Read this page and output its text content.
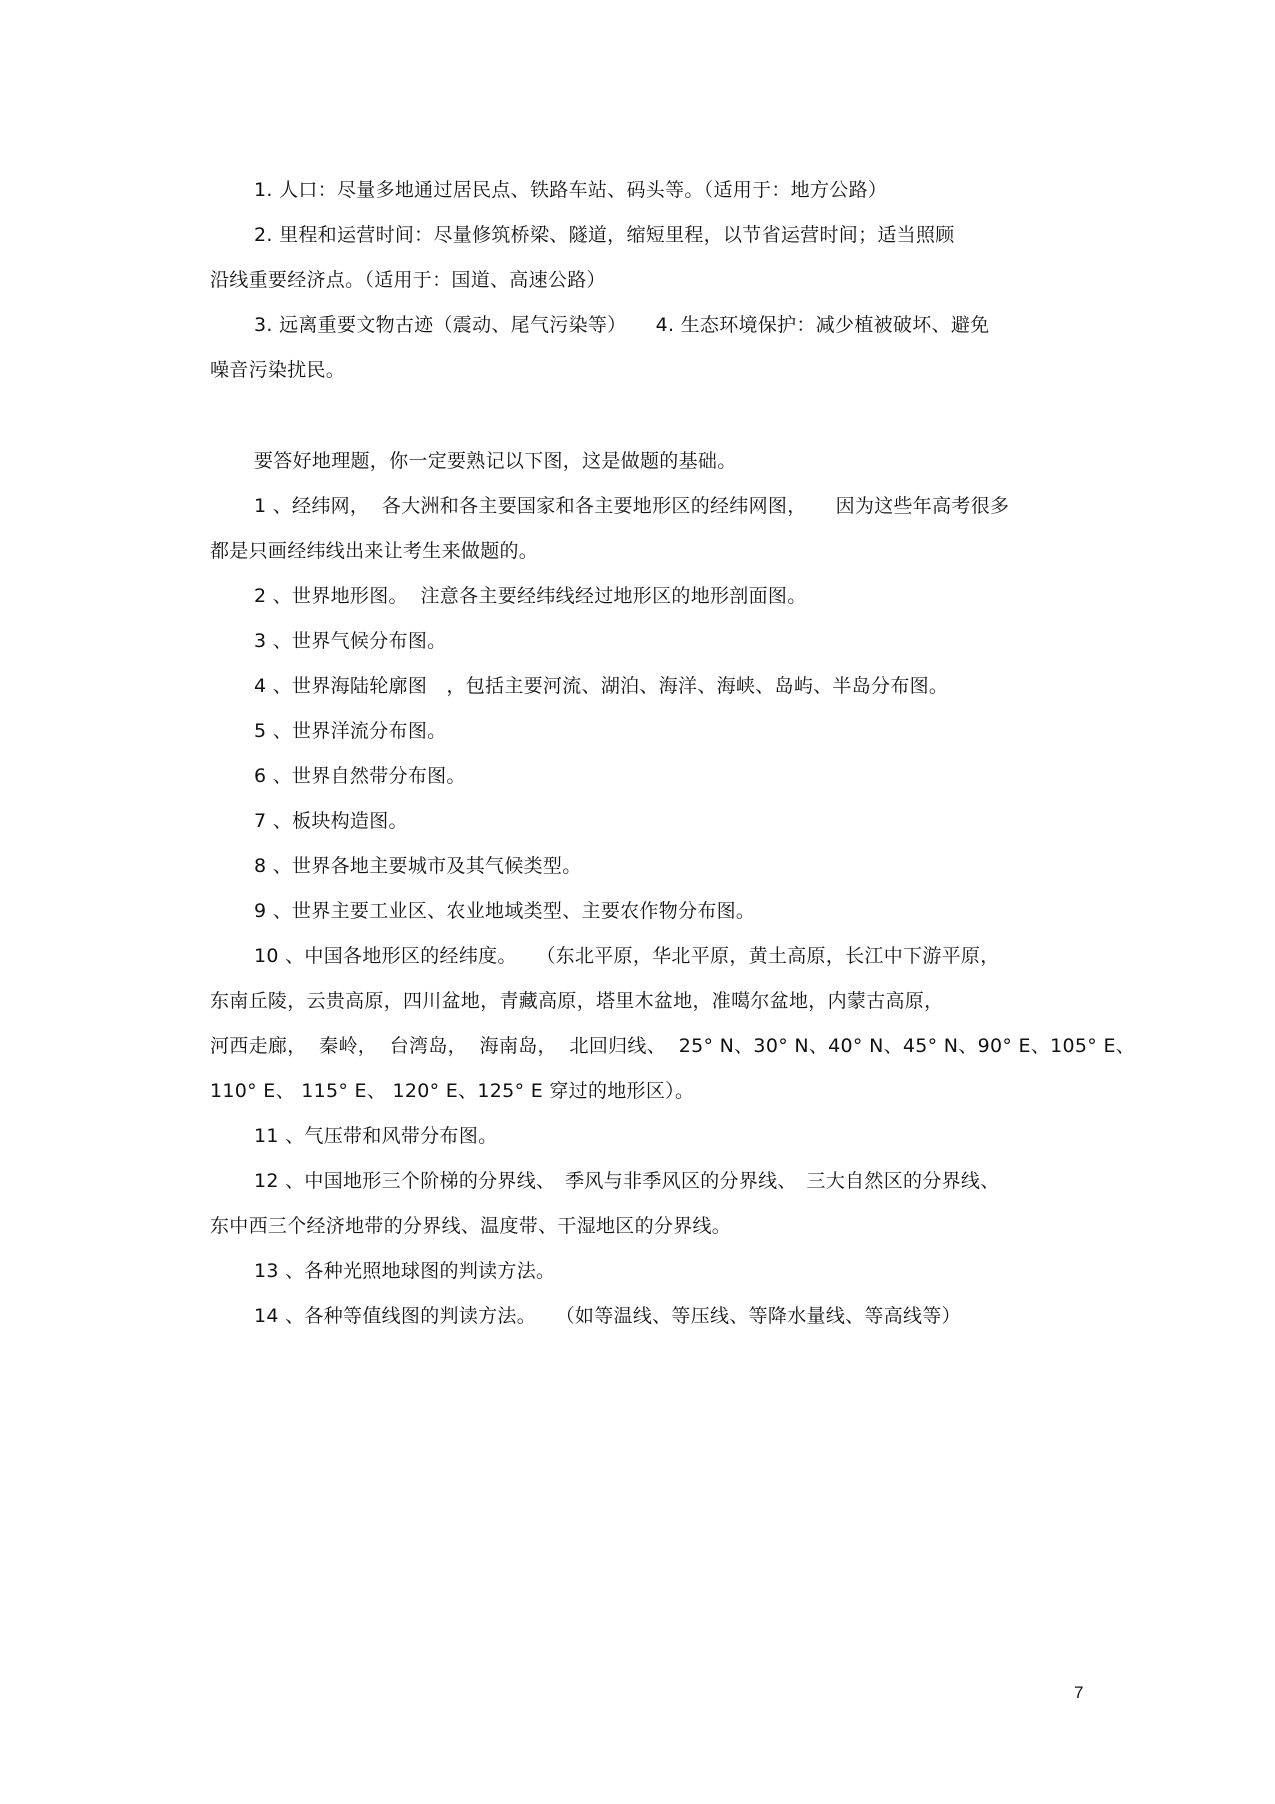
1. 人口：尽量多地通过居民点、铁路车站、码头等。（适用于：地方公路）
2. 里程和运营时间：尽量修筑桥梁、隧道，缩短里程，以节省运营时间；适当照顾
沿线重要经济点。（适用于：国道、高速公路）
3. 远离重要文物古迹（震动、尾气污染等）　　4. 生态环境保护：减少植被破坏、避免
噪音污染扰民。
要答好地理题，你一定要熟记以下图，这是做题的基础。
1 、经纬网，  各大洲和各主要国家和各主要地形区的经纬网图，　　因为这些年高考很多
都是只画经纬线出来让考生来做题的。
2 、世界地形图。  注意各主要经纬线经过地形区的地形剖面图。
3 、世界气候分布图。
4 、世界海陆轮廓图　，包括主要河流、湖泊、海洋、海峡、岛屿、半岛分布图。
5 、世界洋流分布图。
6 、世界自然带分布图。
7 、板块构造图。
8 、世界各地主要城市及其气候类型。
9 、世界主要工业区、农业地域类型、主要农作物分布图。
10 、中国各地形区的经纬度。　　（东北平原，华北平原，黄土高原，长江中下游平原，
东南丘陵，云贵高原，四川盆地，青藏高原，塔里木盆地，准噶尔盆地，内蒙古高原，
河西走廊，  秦岭，  台湾岛，  海南岛，  北回归线、  25° N、30° N、40° N、45° N、90° E、105° E、
110° E、 115° E、 120° E、125° E 穿过的地形区）。
11 、气压带和风带分布图。
12 、中国地形三个阶梯的分界线、　季风与非季风区的分界线、　三大自然区的分界线、
东中西三个经济地带的分界线、温度带、干湿地区的分界线。
13 、各种光照地球图的判读方法。
14 、各种等值线图的判读方法。　　（如等温线、等压线、等降水量线、等高线等）
7
